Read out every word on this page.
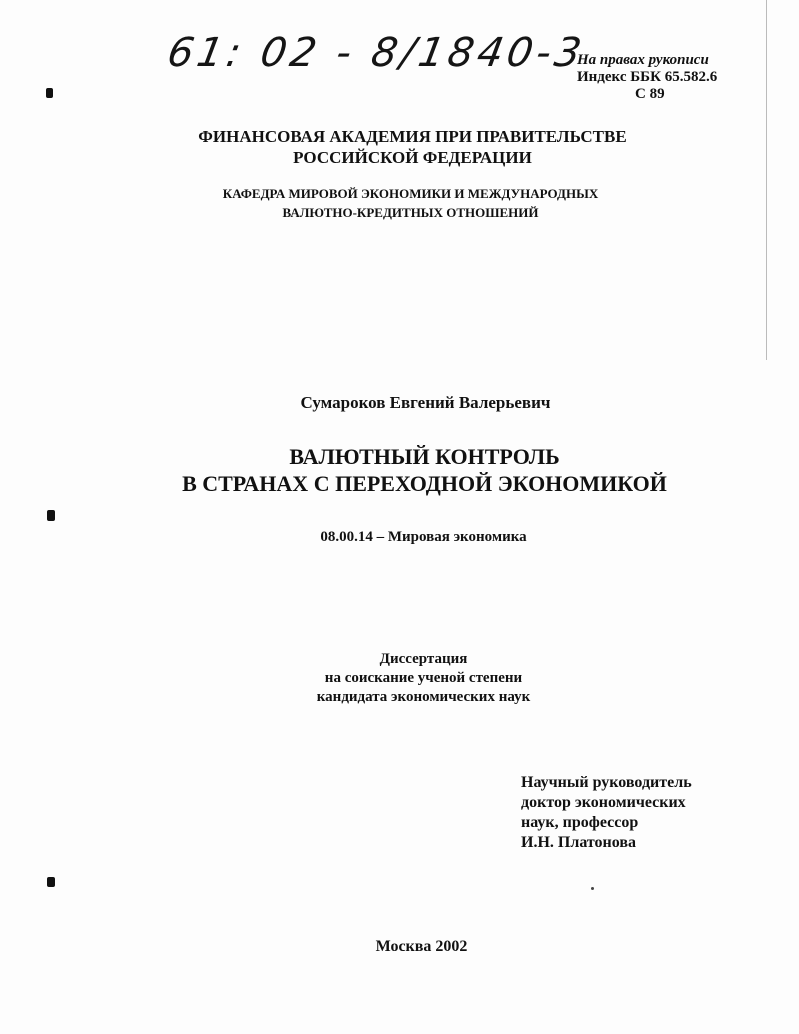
61: 02 - 8/1840-3
На правах рукописи
Индекс ББК 65.582.6
С 89
ФИНАНСОВАЯ АКАДЕМИЯ ПРИ ПРАВИТЕЛЬСТВЕ
РОССИЙСКОЙ ФЕДЕРАЦИИ
КАФЕДРА МИРОВОЙ ЭКОНОМИКИ И МЕЖДУНАРОДНЫХ
ВАЛЮТНО-КРЕДИТНЫХ ОТНОШЕНИЙ
Сумароков Евгений Валерьевич
ВАЛЮТНЫЙ КОНТРОЛЬ
В СТРАНАХ С ПЕРЕХОДНОЙ ЭКОНОМИКОЙ
08.00.14 – Мировая экономика
Диссертация
на соискание ученой степени
кандидата экономических наук
Научный руководитель
доктор экономических
наук, профессор
И.Н. Платонова
Москва 2002
